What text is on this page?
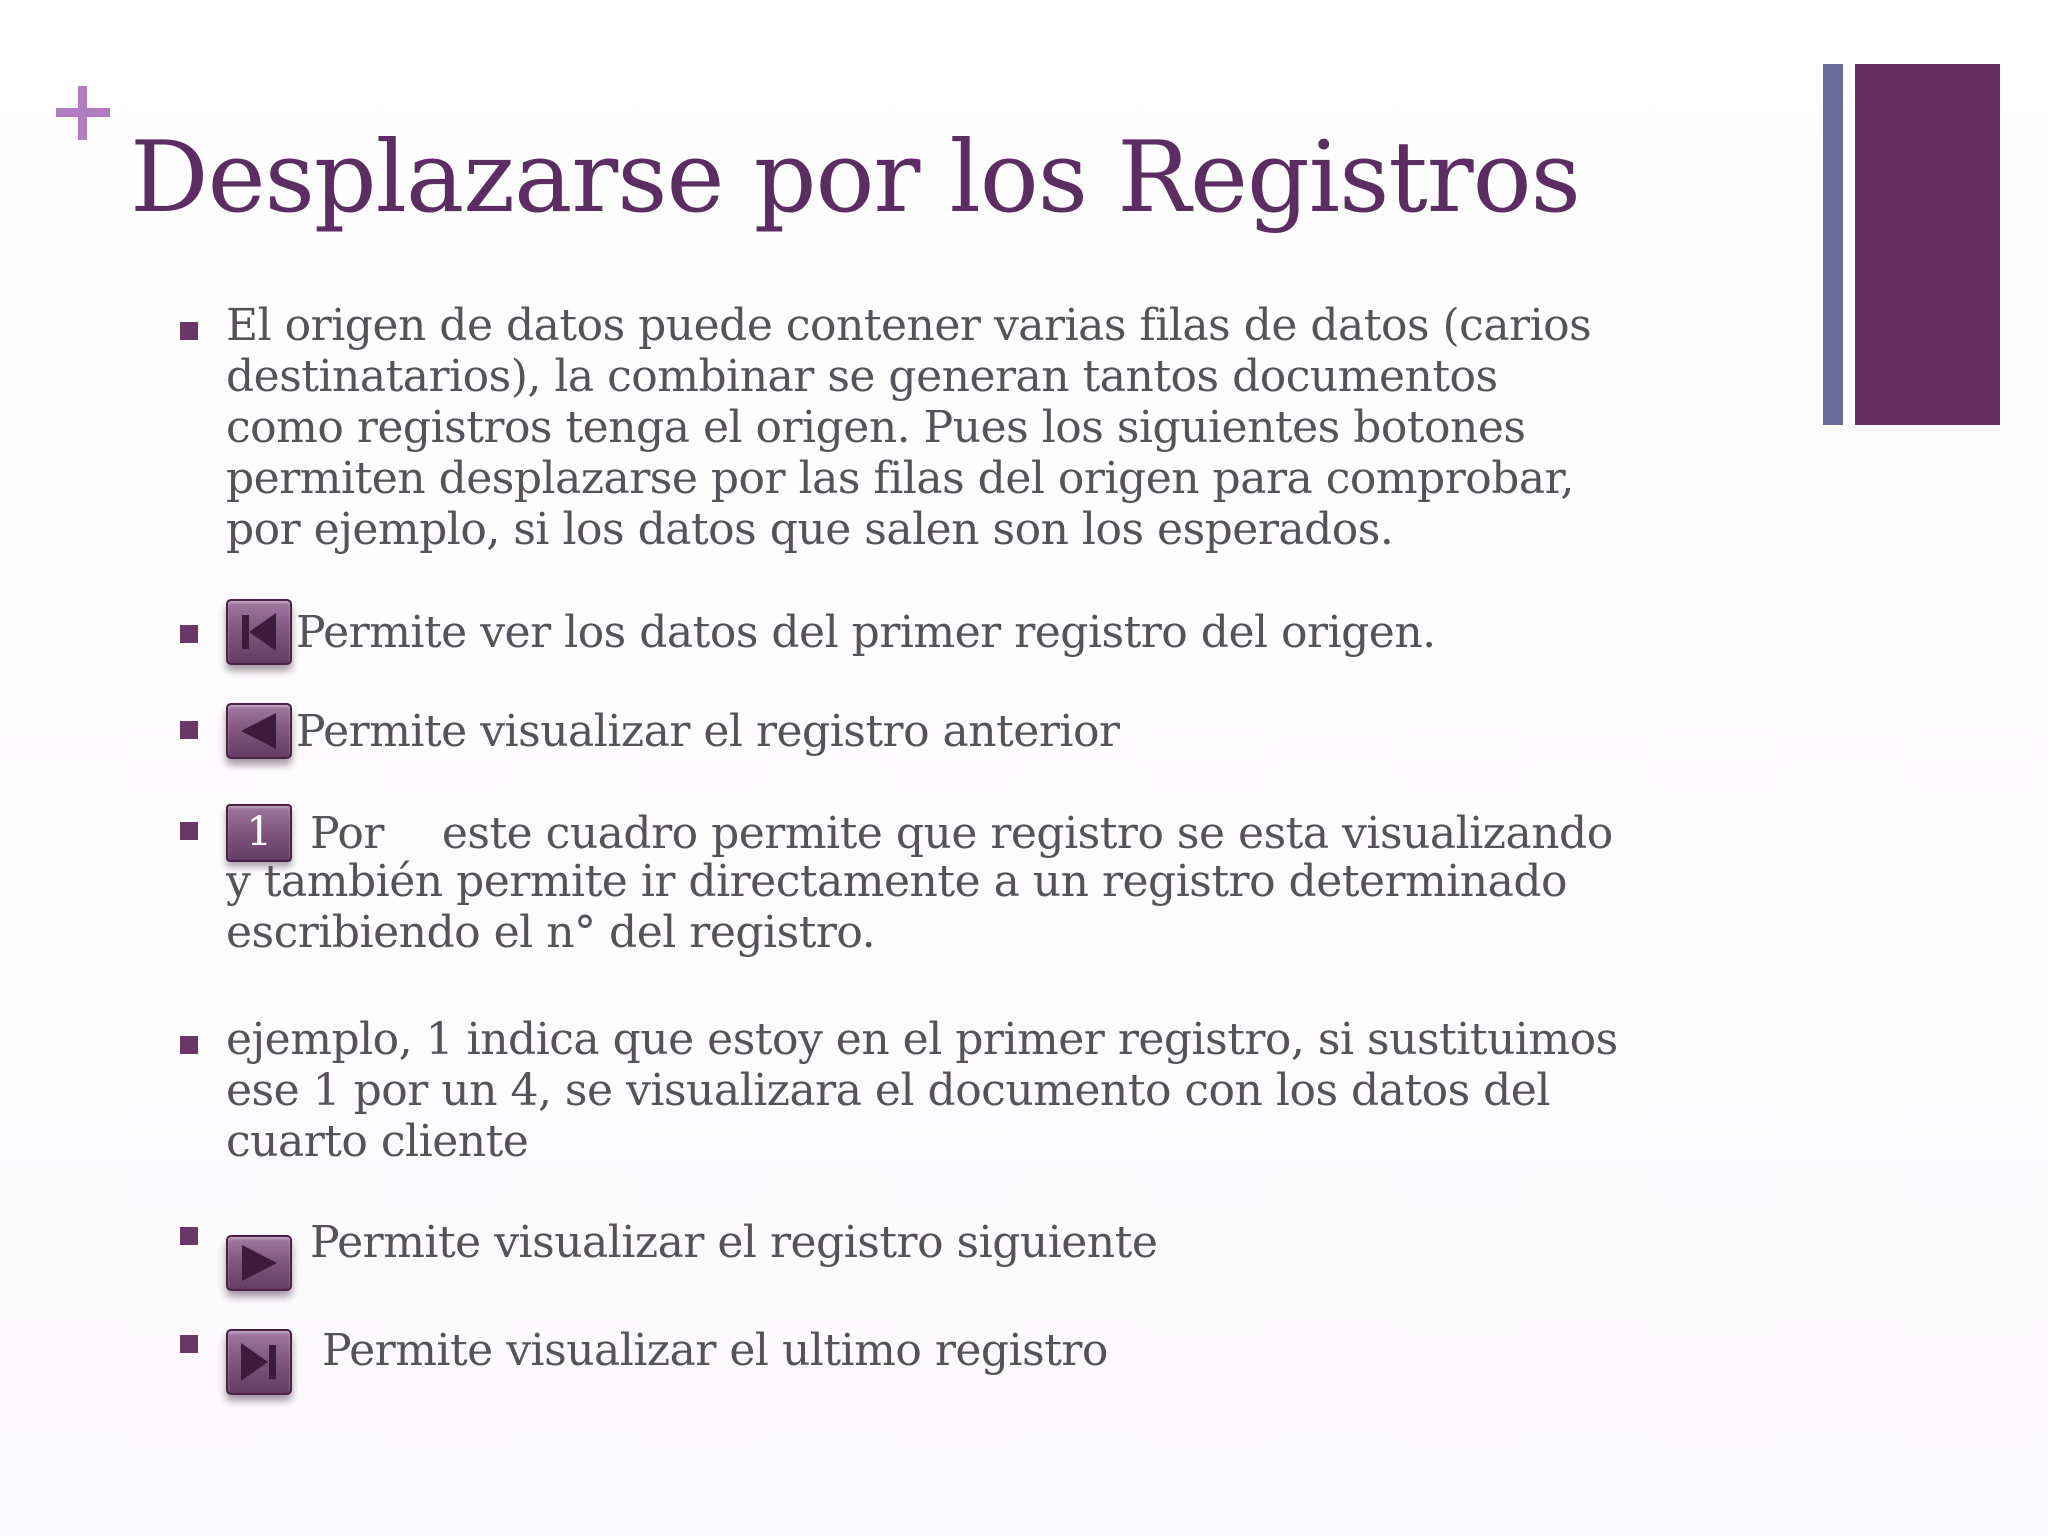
Desplazarse por los Registros
El origen de datos puede contener varias filas de datos (carios
destinatarios), la combinar se generan tantos documentos
como registros tenga el origen. Pues los siguientes botones
permiten desplazarse por las filas del origen para comprobar,
por ejemplo, si los datos que salen son los esperados.
Permite ver los datos del primer registro del origen.
Permite visualizar el registro anterior
1 Por este cuadro permite que registro se esta visualizando
y también permite ir directamente a un registro determinado
escribiendo el n° del registro.
ejemplo, 1 indica que estoy en el primer registro, si sustituimos
ese 1 por un 4, se visualizara el documento con los datos del
cuarto cliente
Permite visualizar el registro siguiente
Permite visualizar el ultimo registro
